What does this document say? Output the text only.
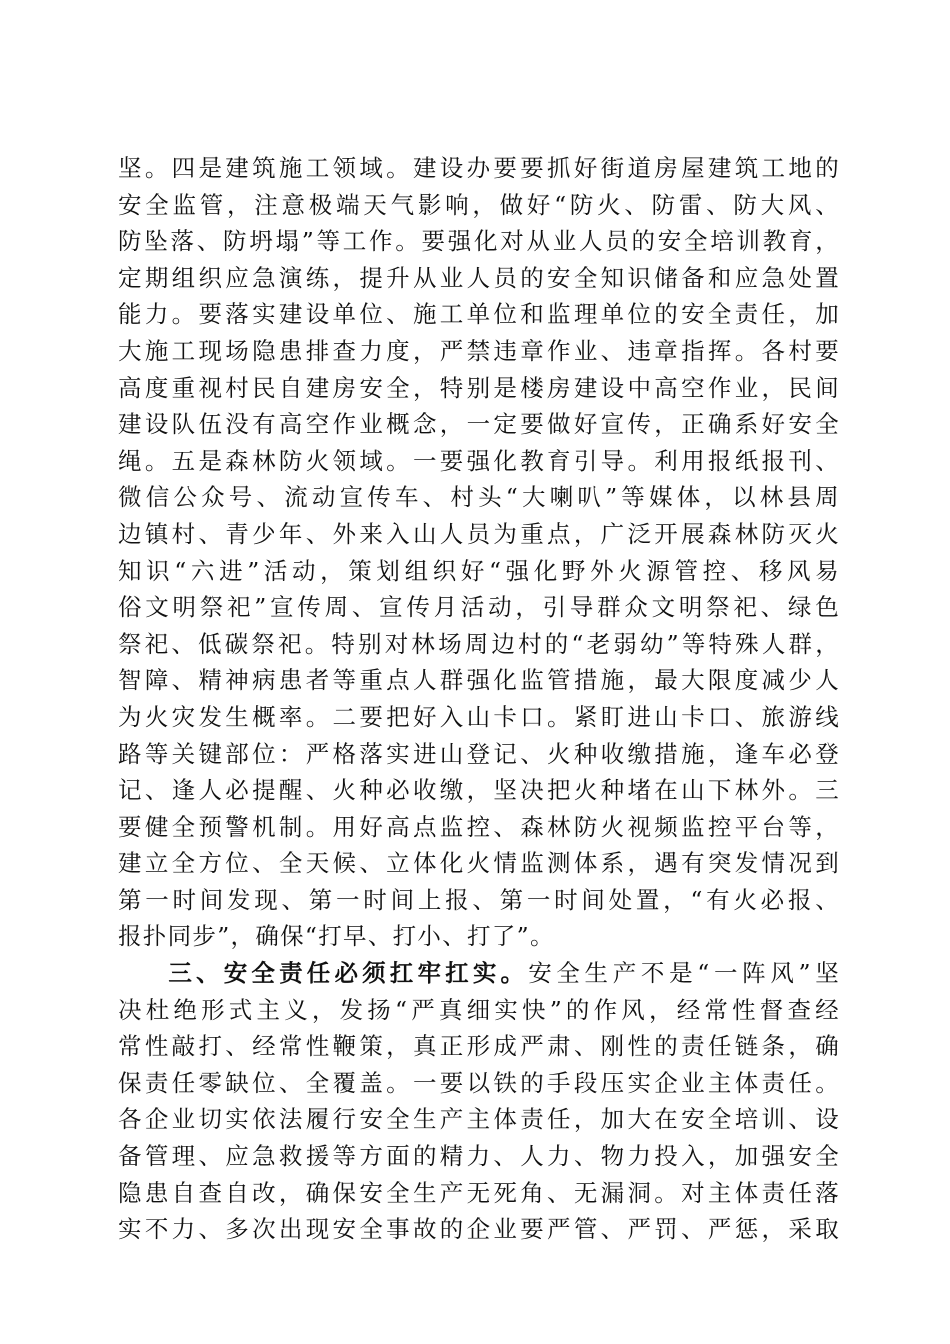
坚。四是建筑施工领域。建设办要要抓好街道房屋建筑工地的
安全监管，注意极端天气影响，做好“防火、防雷、防大风、
防坠落、防坍塌”等工作。要强化对从业人员的安全培训教育，
定期组织应急演练，提升从业人员的安全知识储备和应急处置
能力。要落实建设单位、施工单位和监理单位的安全责任，加
大施工现场隐患排查力度，严禁违章作业、违章指挥。各村要
高度重视村民自建房安全，特别是楼房建设中高空作业，民间
建设队伍没有高空作业概念，一定要做好宣传，正确系好安全
绳。五是森林防火领域。一要强化教育引导。利用报纸报刊、
微信公众号、流动宣传车、村头“大喇叭”等媒体，以林县周
边镇村、青少年、外来入山人员为重点，广泛开展森林防灭火
知识“六进”活动，策划组织好“强化野外火源管控、移风易
俗文明祭祀”宣传周、宣传月活动，引导群众文明祭祀、绿色
祭祀、低碳祭祀。特别对林场周边村的“老弱幼”等特殊人群，
智障、精神病患者等重点人群强化监管措施，最大限度减少人
为火灾发生概率。二要把好入山卡口。紧盯进山卡口、旅游线
路等关键部位：严格落实进山登记、火种收缴措施，逢车必登
记、逢人必提醒、火种必收缴，坚决把火种堵在山下林外。三
要健全预警机制。用好高点监控、森林防火视频监控平台等，
建立全方位、全天候、立体化火情监测体系，遇有突发情况到
第一时间发现、第一时间上报、第一时间处置，“有火必报、
报扑同步”，确保“打早、打小、打了”。
三、安全责任必须扛牢扛实。安全生产不是“一阵风”坚
决杜绝形式主义，发扬“严真细实快”的作风，经常性督查经
常性敲打、经常性鞭策，真正形成严肃、刚性的责任链条，确
保责任零缺位、全覆盖。一要以铁的手段压实企业主体责任。
各企业切实依法履行安全生产主体责任，加大在安全培训、设
备管理、应急救援等方面的精力、人力、物力投入，加强安全
隐患自查自改，确保安全生产无死角、无漏洞。对主体责任落
实不力、多次出现安全事故的企业要严管、严罚、严惩，采取
